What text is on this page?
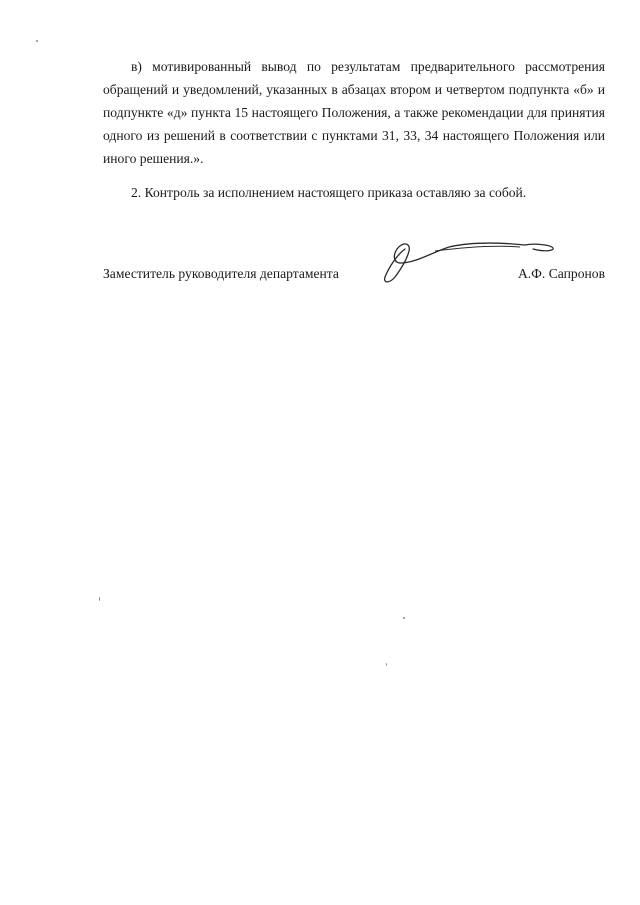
в) мотивированный вывод по результатам предварительного рассмотрения обращений и уведомлений, указанных в абзацах втором и четвертом подпункта «б» и подпункте «д» пункта 15 настоящего Положения, а также рекомендации для принятия одного из решений в соответствии с пунктами 31, 33, 34 настоящего Положения или иного решения.».
2. Контроль за исполнением настоящего приказа оставляю за собой.
Заместитель руководителя департамента	А.Ф. Сапронов
